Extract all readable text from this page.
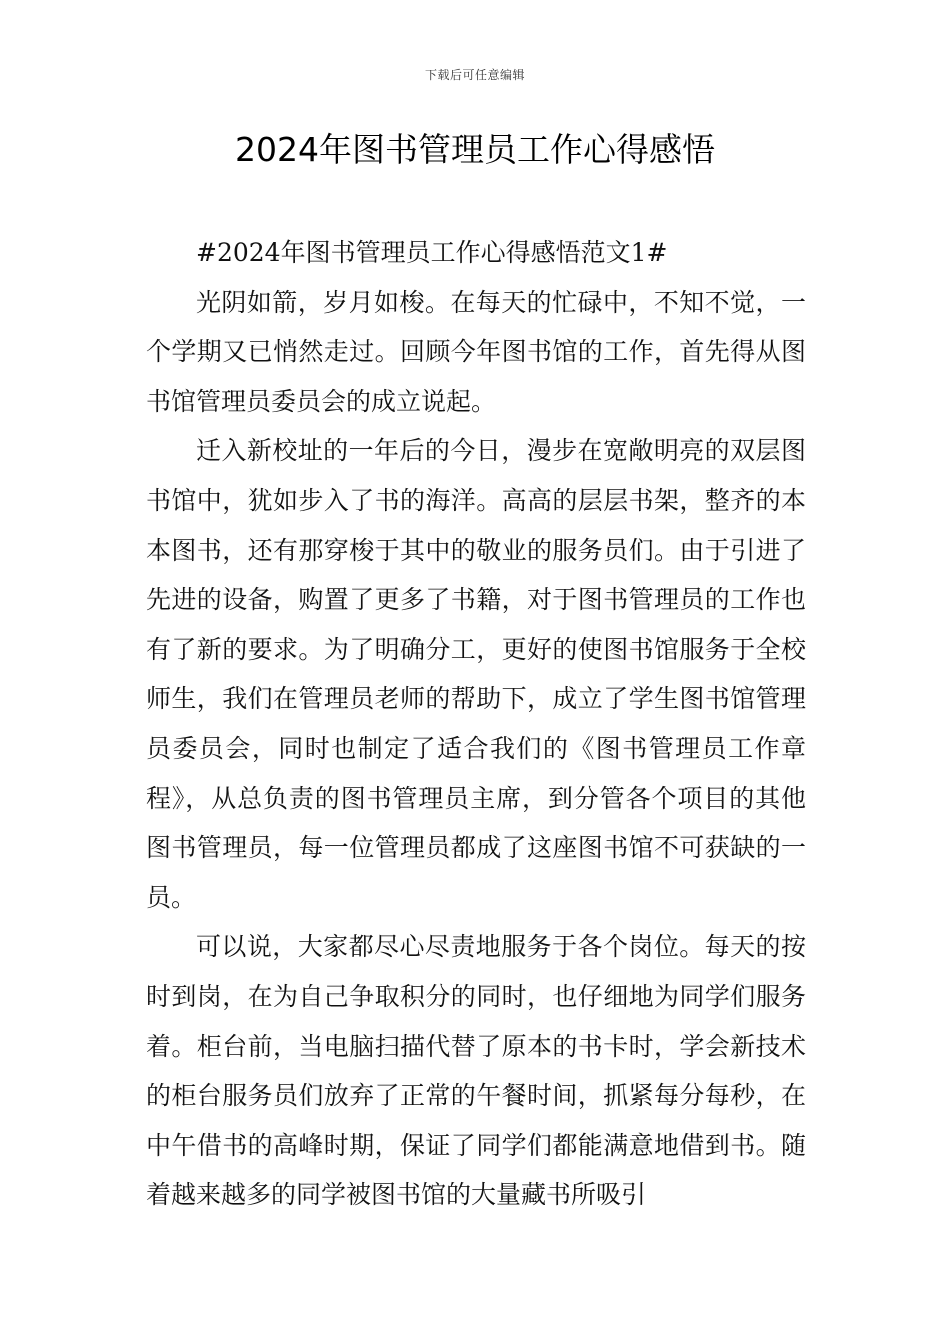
下载后可任意编辑
2024年图书管理员工作心得感悟

#2024年图书管理员工作心得感悟范文1#

光阴如箭，岁月如梭。在每天的忙碌中，不知不觉，一个学期又已悄然走过。回顾今年图书馆的工作，首先得从图书馆管理员委员会的成立说起。

迁入新校址的一年后的今日，漫步在宽敞明亮的双层图书馆中，犹如步入了书的海洋。高高的层层书架，整齐的本本图书，还有那穿梭于其中的敬业的服务员们。由于引进了先进的设备，购置了更多了书籍，对于图书管理员的工作也有了新的要求。为了明确分工，更好的使图书馆服务于全校师生，我们在管理员老师的帮助下，成立了学生图书馆管理员委员会，同时也制定了适合我们的《图书管理员工作章程》，从总负责的图书管理员主席，到分管各个项目的其他图书管理员，每一位管理员都成了这座图书馆不可获缺的一员。

可以说，大家都尽心尽责地服务于各个岗位。每天的按时到岗，在为自己争取积分的同时，也仔细地为同学们服务着。柜台前，当电脑扫描代替了原本的书卡时，学会新技术的柜台服务员们放弃了正常的午餐时间，抓紧每分每秒，在中午借书的高峰时期，保证了同学们都能满意地借到书。随着越来越多的同学被图书馆的大量藏书所吸引
